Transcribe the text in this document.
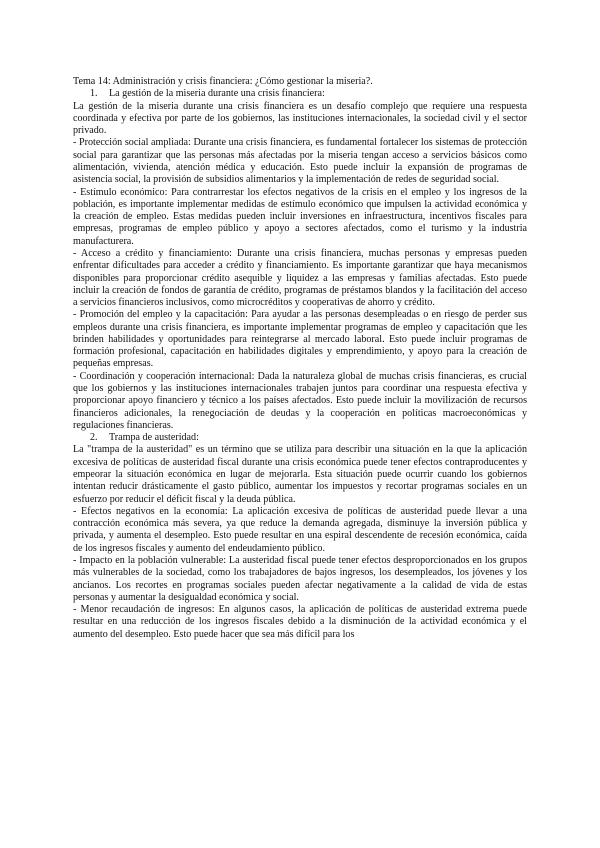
Tema 14: Administración y crisis financiera: ¿Cómo gestionar la miseria?.

1. La gestión de la miseria durante una crisis financiera:

La gestión de la miseria durante una crisis financiera es un desafío complejo que requiere una respuesta coordinada y efectiva por parte de los gobiernos, las instituciones internacionales, la sociedad civil y el sector privado.

- Protección social ampliada: Durante una crisis financiera, es fundamental fortalecer los sistemas de protección social para garantizar que las personas más afectadas por la miseria tengan acceso a servicios básicos como alimentación, vivienda, atención médica y educación. Esto puede incluir la expansión de programas de asistencia social, la provisión de subsidios alimentarios y la implementación de redes de seguridad social.

- Estímulo económico: Para contrarrestar los efectos negativos de la crisis en el empleo y los ingresos de la población, es importante implementar medidas de estímulo económico que impulsen la actividad económica y la creación de empleo. Estas medidas pueden incluir inversiones en infraestructura, incentivos fiscales para empresas, programas de empleo público y apoyo a sectores afectados, como el turismo y la industria manufacturera.

- Acceso a crédito y financiamiento: Durante una crisis financiera, muchas personas y empresas pueden enfrentar dificultades para acceder a crédito y financiamiento. Es importante garantizar que haya mecanismos disponibles para proporcionar crédito asequible y liquidez a las empresas y familias afectadas. Esto puede incluir la creación de fondos de garantía de crédito, programas de préstamos blandos y la facilitación del acceso a servicios financieros inclusivos, como microcréditos y cooperativas de ahorro y crédito.

- Promoción del empleo y la capacitación: Para ayudar a las personas desempleadas o en riesgo de perder sus empleos durante una crisis financiera, es importante implementar programas de empleo y capacitación que les brinden habilidades y oportunidades para reintegrarse al mercado laboral. Esto puede incluir programas de formación profesional, capacitación en habilidades digitales y emprendimiento, y apoyo para la creación de pequeñas empresas.

- Coordinación y cooperación internacional: Dada la naturaleza global de muchas crisis financieras, es crucial que los gobiernos y las instituciones internacionales trabajen juntos para coordinar una respuesta efectiva y proporcionar apoyo financiero y técnico a los países afectados. Esto puede incluir la movilización de recursos financieros adicionales, la renegociación de deudas y la cooperación en políticas macroeconómicas y regulaciones financieras.

2. Trampa de austeridad:

La "trampa de la austeridad" es un término que se utiliza para describir una situación en la que la aplicación excesiva de políticas de austeridad fiscal durante una crisis económica puede tener efectos contraproducentes y empeorar la situación económica en lugar de mejorarla. Esta situación puede ocurrir cuando los gobiernos intentan reducir drásticamente el gasto público, aumentar los impuestos y recortar programas sociales en un esfuerzo por reducir el déficit fiscal y la deuda pública.

- Efectos negativos en la economía: La aplicación excesiva de políticas de austeridad puede llevar a una contracción económica más severa, ya que reduce la demanda agregada, disminuye la inversión pública y privada, y aumenta el desempleo. Esto puede resultar en una espiral descendente de recesión económica, caída de los ingresos fiscales y aumento del endeudamiento público.

- Impacto en la población vulnerable: La austeridad fiscal puede tener efectos desproporcionados en los grupos más vulnerables de la sociedad, como los trabajadores de bajos ingresos, los desempleados, los jóvenes y los ancianos. Los recortes en programas sociales pueden afectar negativamente a la calidad de vida de estas personas y aumentar la desigualdad económica y social.

- Menor recaudación de ingresos: En algunos casos, la aplicación de políticas de austeridad extrema puede resultar en una reducción de los ingresos fiscales debido a la disminución de la actividad económica y el aumento del desempleo. Esto puede hacer que sea más difícil para los
